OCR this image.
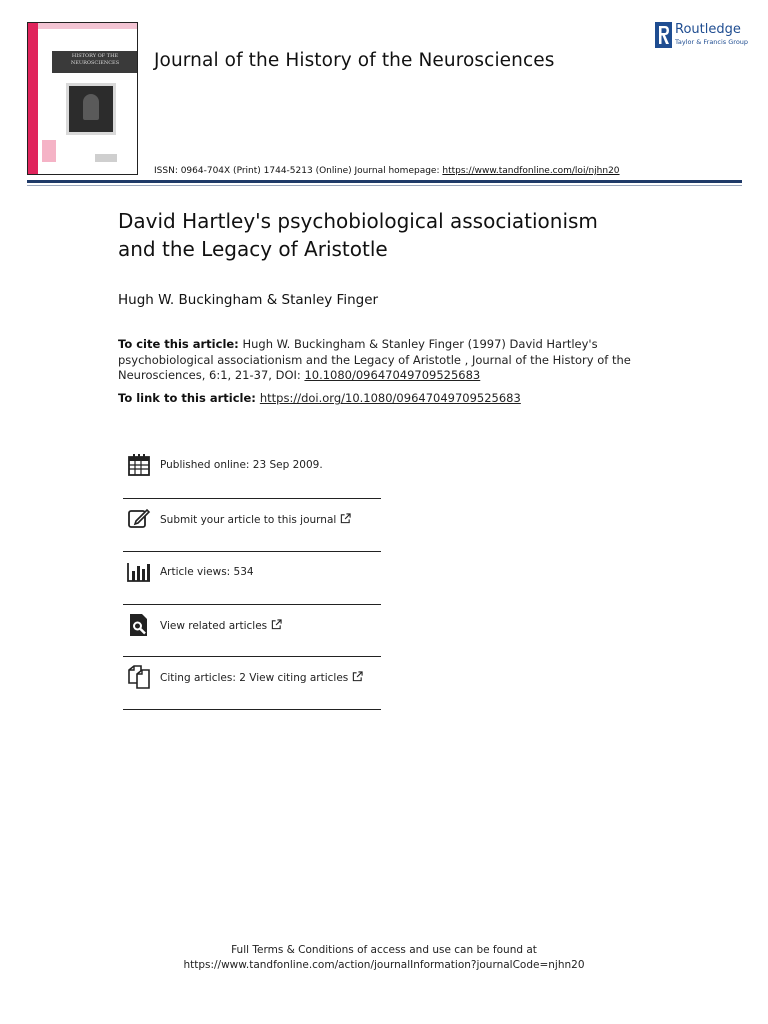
HISTORY OF THE NEUROSCIENCES	Journal of the History of the Neurosciences
Routledge
Taylor & Francis Group
ISSN: 0964-704X (Print) 1744-5213 (Online) Journal homepage: https://www.tandfonline.com/loi/njhn20
David Hartley's psychobiological associationism
and the Legacy of Aristotle
Hugh W. Buckingham & Stanley Finger
To cite this article: Hugh W. Buckingham & Stanley Finger (1997) David Hartley's psychobiological associationism and the Legacy of Aristotle , Journal of the History of the Neurosciences, 6:1, 21-37, DOI: 10.1080/09647049709525683
To link to this article: https://doi.org/10.1080/09647049709525683
Published online: 23 Sep 2009.
Submit your article to this journal
Article views: 534
View related articles
Citing articles: 2 View citing articles
Full Terms & Conditions of access and use can be found at
https://www.tandfonline.com/action/journalInformation?journalCode=njhn20
